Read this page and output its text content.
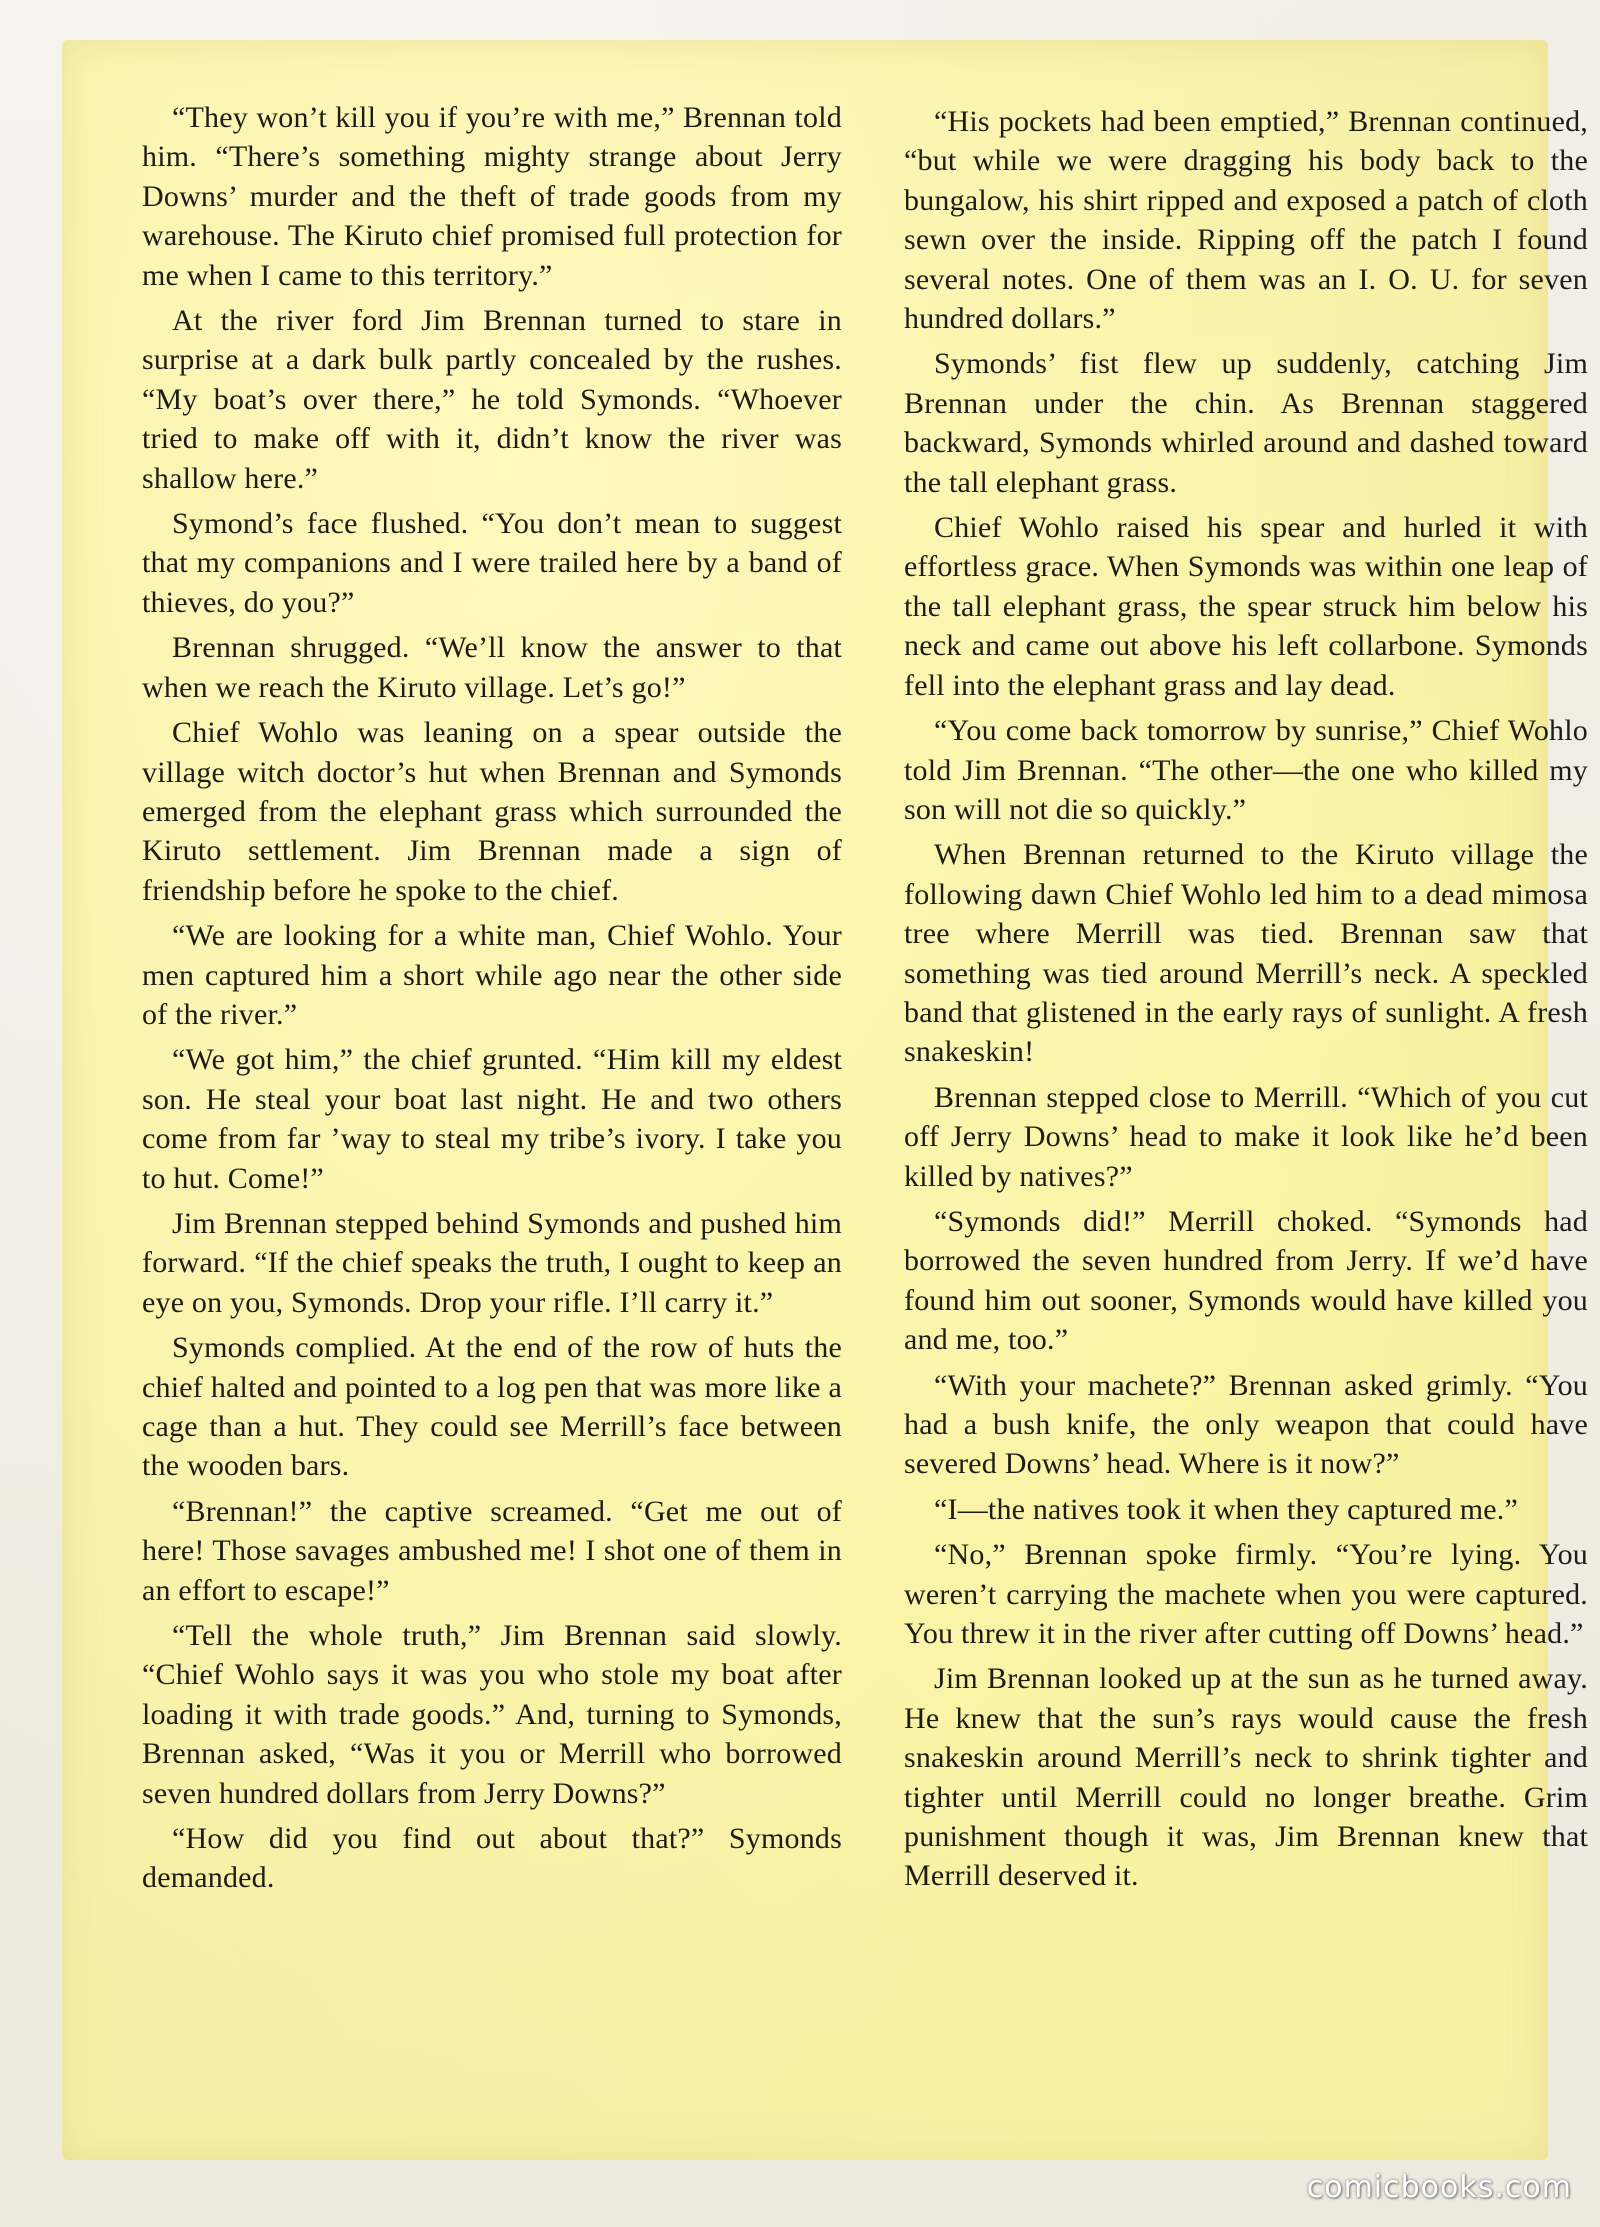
“They won’t kill you if you’re with me,” Brennan told him. “There’s something mighty strange about Jerry Downs’ murder and the theft of trade goods from my warehouse. The Kiruto chief promised full protection for me when I came to this territory.”

At the river ford Jim Brennan turned to stare in surprise at a dark bulk partly concealed by the rushes. “My boat’s over there,” he told Symonds. “Whoever tried to make off with it, didn’t know the river was shallow here.”

Symond’s face flushed. “You don’t mean to suggest that my companions and I were trailed here by a band of thieves, do you?”

Brennan shrugged. “We’ll know the answer to that when we reach the Kiruto village. Let’s go!”

Chief Wohlo was leaning on a spear outside the village witch doctor’s hut when Brennan and Symonds emerged from the elephant grass which surrounded the Kiruto settlement. Jim Brennan made a sign of friendship before he spoke to the chief.

“We are looking for a white man, Chief Wohlo. Your men captured him a short while ago near the other side of the river.”

“We got him,” the chief grunted. “Him kill my eldest son. He steal your boat last night. He and two others come from far ’way to steal my tribe’s ivory. I take you to hut. Come!”

Jim Brennan stepped behind Symonds and pushed him forward. “If the chief speaks the truth, I ought to keep an eye on you, Symonds. Drop your rifle. I’ll carry it.”

Symonds complied. At the end of the row of huts the chief halted and pointed to a log pen that was more like a cage than a hut. They could see Merrill’s face between the wooden bars.

“Brennan!” the captive screamed. “Get me out of here! Those savages ambushed me! I shot one of them in an effort to escape!”

“Tell the whole truth,” Jim Brennan said slowly. “Chief Wohlo says it was you who stole my boat after loading it with trade goods.” And, turning to Symonds, Brennan asked, “Was it you or Merrill who borrowed seven hundred dollars from Jerry Downs?”

“How did you find out about that?” Symonds demanded.

“His pockets had been emptied,” Brennan continued, “but while we were dragging his body back to the bungalow, his shirt ripped and exposed a patch of cloth sewn over the inside. Ripping off the patch I found several notes. One of them was an I. O. U. for seven hundred dollars.”

Symonds’ fist flew up suddenly, catching Jim Brennan under the chin. As Brennan staggered backward, Symonds whirled around and dashed toward the tall elephant grass.

Chief Wohlo raised his spear and hurled it with effortless grace. When Symonds was within one leap of the tall elephant grass, the spear struck him below his neck and came out above his left collarbone. Symonds fell into the elephant grass and lay dead.

“You come back tomorrow by sunrise,” Chief Wohlo told Jim Brennan. “The other—the one who killed my son will not die so quickly.”

When Brennan returned to the Kiruto village the following dawn Chief Wohlo led him to a dead mimosa tree where Merrill was tied. Brennan saw that something was tied around Merrill’s neck. A speckled band that glistened in the early rays of sunlight. A fresh snakeskin!

Brennan stepped close to Merrill. “Which of you cut off Jerry Downs’ head to make it look like he’d been killed by natives?”

“Symonds did!” Merrill choked. “Symonds had borrowed the seven hundred from Jerry. If we’d have found him out sooner, Symonds would have killed you and me, too.”

“With your machete?” Brennan asked grimly. “You had a bush knife, the only weapon that could have severed Downs’ head. Where is it now?”

“I—the natives took it when they captured me.”

“No,” Brennan spoke firmly. “You’re lying. You weren’t carrying the machete when you were captured. You threw it in the river after cutting off Downs’ head.”

Jim Brennan looked up at the sun as he turned away. He knew that the sun’s rays would cause the fresh snakeskin around Merrill’s neck to shrink tighter and tighter until Merrill could no longer breathe. Grim punishment though it was, Jim Brennan knew that Merrill deserved it.

comicbooks.com
